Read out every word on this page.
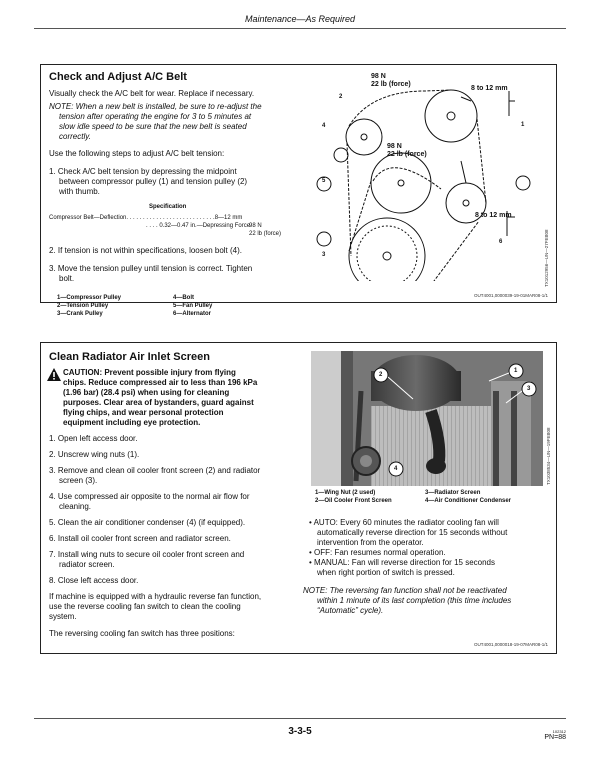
Maintenance—As Required
Check and Adjust A/C Belt
Visually check the A/C belt for wear. Replace if necessary.
NOTE: When a new belt is installed, be sure to re-adjust the
tension after operating the engine for 3 to 5 minutes at
slow idle speed to be sure that the new belt is seated
correctly.
Use the following steps to adjust A/C belt tension:
1. Check A/C belt tension by depressing the midpoint
between compressor pulley (1) and tension pulley (2)
with thumb.
Specification
Compressor Belt—Deflection. . . . . . . . . . . . . . . . . . . . . . . . . . .8—12 mm
. . . . 0.32—0.47 in.—Depressing Force
98 N
22 lb (force)
2. If tension is not within specifications, loosen bolt (4).
3. Move the tension pulley until tension is correct. Tighten
bolt.
1—Compressor Pulley
2—Tension Pulley
3—Crank Pulley
4—Bolt
5—Fan Pulley
6—Alternator
98 N
22 lb (force)
8 to 12 mm
98 N
22 lb (force)
8 to 12 mm
2
4	1
5
3
6	TX1012956—UN—27FEB08
OUT4001,0000039-19-01MAR08-1/1
Clean Radiator Air Inlet Screen
CAUTION: Prevent possible injury from flying
chips. Reduce compressed air to less than 196 kPa
(1.96 bar) (28.4 psi) when using for cleaning
purposes. Clear area of bystanders, guard against
flying chips, and wear personal protection
equipment including eye protection.
1. Open left access door.
2. Unscrew wing nuts (1).
3. Remove and clean oil cooler front screen (2) and radiator
screen (3).
4. Use compressed air opposite to the normal air flow for
cleaning.
5. Clean the air conditioner condenser (4) (if equipped).
6. Install oil cooler front screen and radiator screen.
7. Install wing nuts to secure oil cooler front screen and
radiator screen.
8. Close left access door.
If machine is equipped with a hydraulic reverse fan function,
use the reverse cooling fan switch to clean the cooling
system.
The reversing cooling fan switch has three positions:
2
1
3
4	TX1038534—UN—19FEB08
1—Wing Nut (2 used)
2—Oil Cooler Front Screen
3—Radiator Screen
4—Air Conditioner Condenser
• AUTO: Every 60 minutes the radiator cooling fan will
automatically reverse direction for 15 seconds without
intervention from the operator.
• OFF: Fan resumes normal operation.
• MANUAL: Fan will reverse direction for 15 seconds
when right portion of switch is pressed.
NOTE: The reversing fan function shall not be reactivated
within 1 minute of its last completion (this time includes
“Automatic” cycle).
OUT4001,0000018-19-07MAR08-1/1
3-3-5	102312
PN=88
